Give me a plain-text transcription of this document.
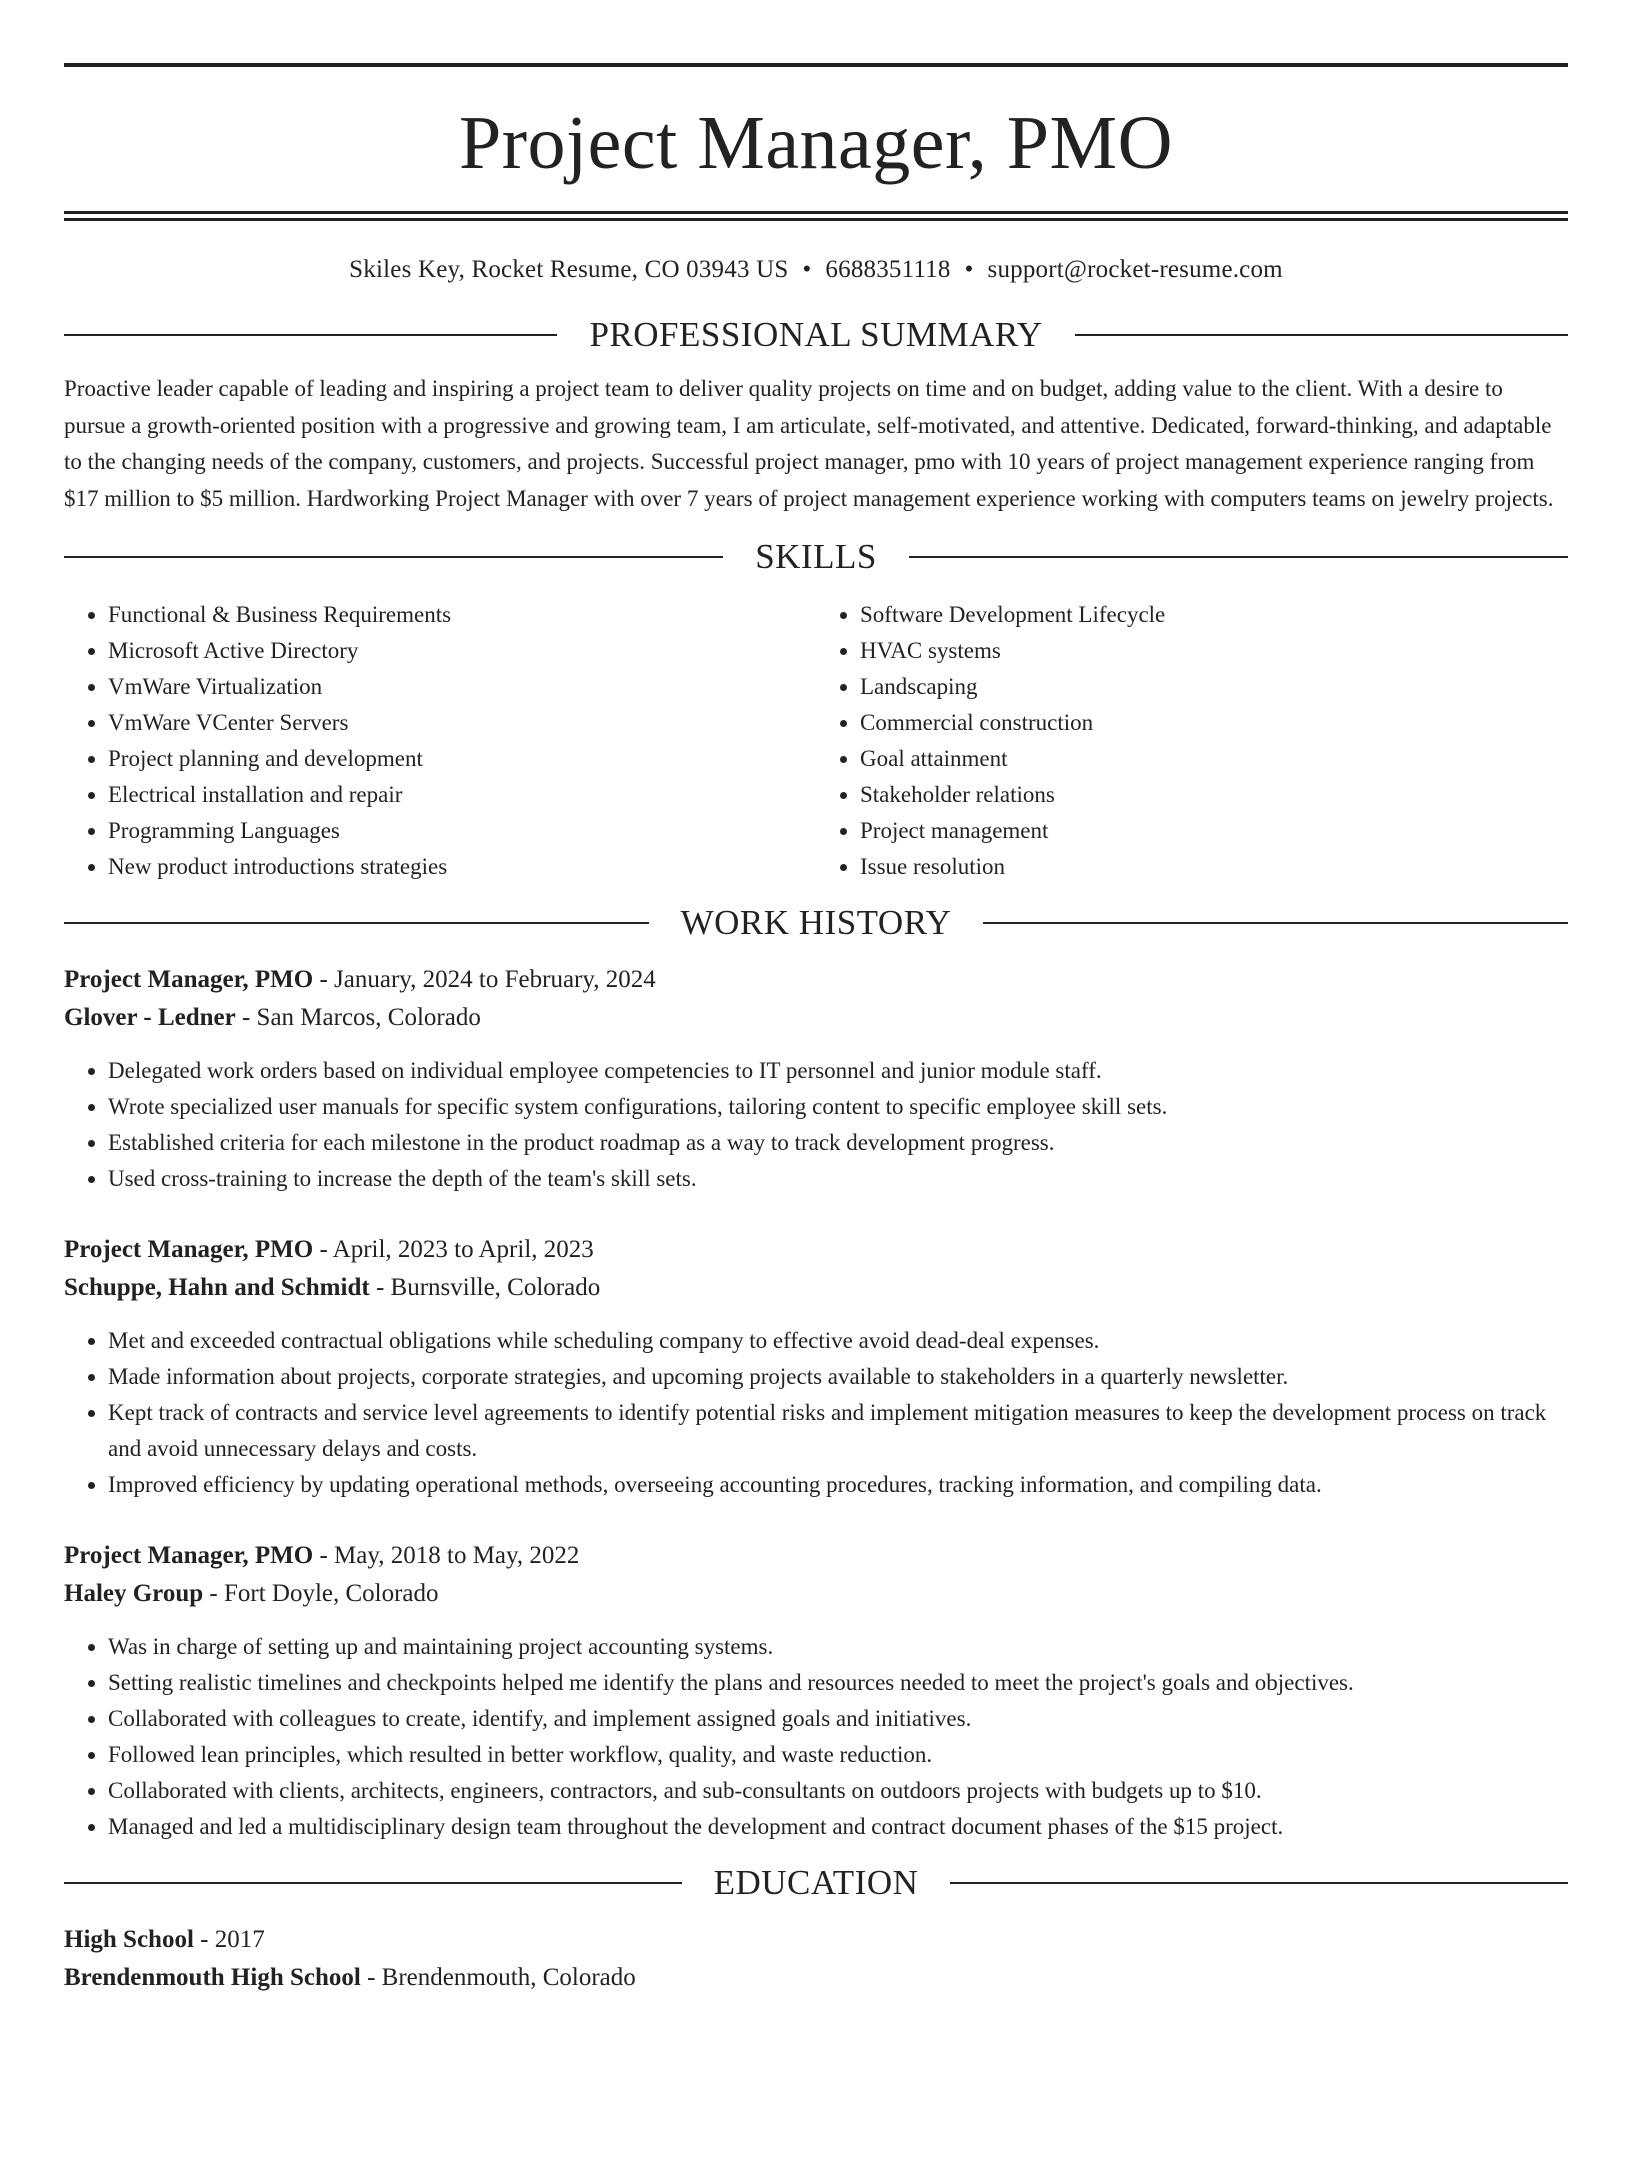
Project Manager, PMO
Skiles Key, Rocket Resume, CO 03943 US • 6688351118 • support@rocket-resume.com
PROFESSIONAL SUMMARY
Proactive leader capable of leading and inspiring a project team to deliver quality projects on time and on budget, adding value to the client. With a desire to pursue a growth-oriented position with a progressive and growing team, I am articulate, self-motivated, and attentive. Dedicated, forward-thinking, and adaptable to the changing needs of the company, customers, and projects. Successful project manager, pmo with 10 years of project management experience ranging from $17 million to $5 million. Hardworking Project Manager with over 7 years of project management experience working with computers teams on jewelry projects.
SKILLS
• Functional & Business Requirements
• Microsoft Active Directory
• VmWare Virtualization
• VmWare VCenter Servers
• Project planning and development
• Electrical installation and repair
• Programming Languages
• New product introductions strategies
• Software Development Lifecycle
• HVAC systems
• Landscaping
• Commercial construction
• Goal attainment
• Stakeholder relations
• Project management
• Issue resolution
WORK HISTORY
Project Manager, PMO - January, 2024 to February, 2024
Glover - Ledner - San Marcos, Colorado
• Delegated work orders based on individual employee competencies to IT personnel and junior module staff.
• Wrote specialized user manuals for specific system configurations, tailoring content to specific employee skill sets.
• Established criteria for each milestone in the product roadmap as a way to track development progress.
• Used cross-training to increase the depth of the team's skill sets.
Project Manager, PMO - April, 2023 to April, 2023
Schuppe, Hahn and Schmidt - Burnsville, Colorado
• Met and exceeded contractual obligations while scheduling company to effective avoid dead-deal expenses.
• Made information about projects, corporate strategies, and upcoming projects available to stakeholders in a quarterly newsletter.
• Kept track of contracts and service level agreements to identify potential risks and implement mitigation measures to keep the development process on track and avoid unnecessary delays and costs.
• Improved efficiency by updating operational methods, overseeing accounting procedures, tracking information, and compiling data.
Project Manager, PMO - May, 2018 to May, 2022
Haley Group - Fort Doyle, Colorado
• Was in charge of setting up and maintaining project accounting systems.
• Setting realistic timelines and checkpoints helped me identify the plans and resources needed to meet the project's goals and objectives.
• Collaborated with colleagues to create, identify, and implement assigned goals and initiatives.
• Followed lean principles, which resulted in better workflow, quality, and waste reduction.
• Collaborated with clients, architects, engineers, contractors, and sub-consultants on outdoors projects with budgets up to $10.
• Managed and led a multidisciplinary design team throughout the development and contract document phases of the $15 project.
EDUCATION
High School - 2017
Brendenmouth High School - Brendenmouth, Colorado
